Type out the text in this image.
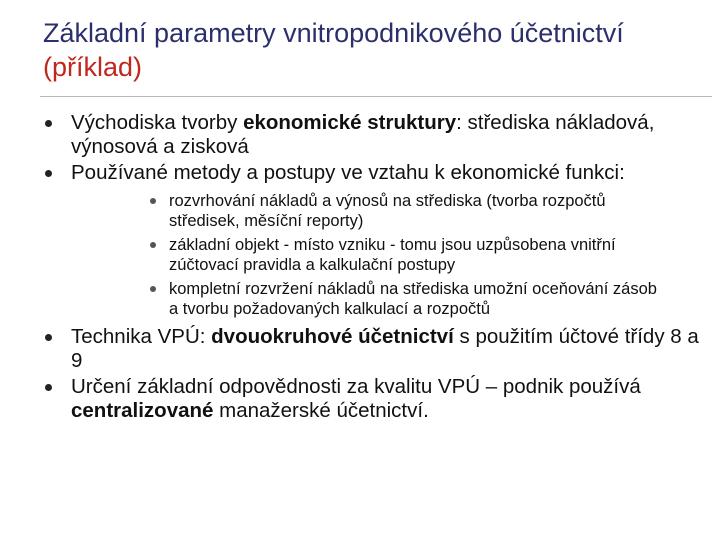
Základní parametry vnitropodnikového účetnictví (příklad)
Východiska tvorby ekonomické struktury: střediska nákladová, výnosová a zisková
Používané metody a postupy ve vztahu k ekonomické funkci:
rozvrhování nákladů a výnosů na střediska (tvorba rozpočtů středisek, měsíční reporty)
základní objekt - místo vzniku - tomu jsou uzpůsobena vnitřní zúčtovací pravidla a kalkulační postupy
kompletní rozvržení nákladů na střediska umožní oceňování zásob a tvorbu požadovaných kalkulací a rozpočtů
Technika VPÚ: dvouokruhové účetnictví s použitím účtové třídy 8 a 9
Určení základní odpovědnosti za kvalitu VPÚ – podnik používá centralizované manažerské účetnictví.
